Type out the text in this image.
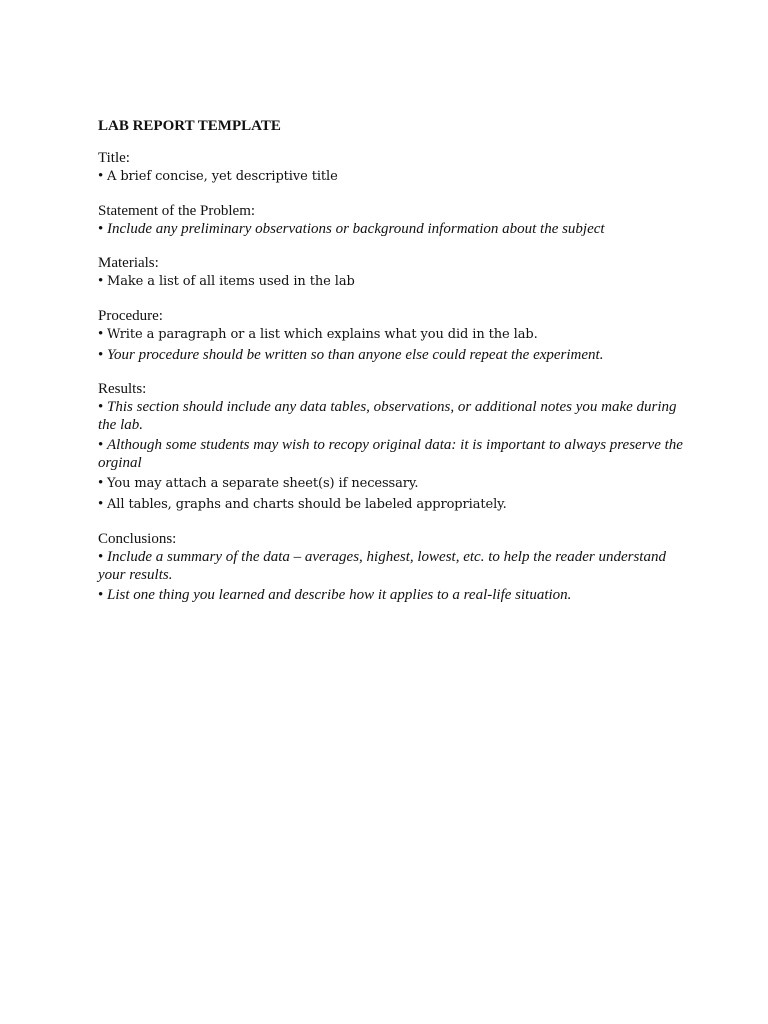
LAB REPORT TEMPLATE
Title:
• A brief concise, yet descriptive title
Statement of the Problem:
• Include any preliminary observations or background information about the subject
Materials:
• Make a list of all items used in the lab
Procedure:
• Write a paragraph or a list which explains what you did in the lab.
• Your procedure should be written so than anyone else could repeat the experiment.
Results:
• This section should include any data tables, observations, or additional notes you make during the lab.
• Although some students may wish to recopy original data: it is important to always preserve the orginal
• You may attach a separate sheet(s) if necessary.
• All tables, graphs and charts should be labeled appropriately.
Conclusions:
• Include a summary of the data – averages, highest, lowest, etc. to help the reader understand your results.
• List one thing you learned and describe how it applies to a real-life situation.
